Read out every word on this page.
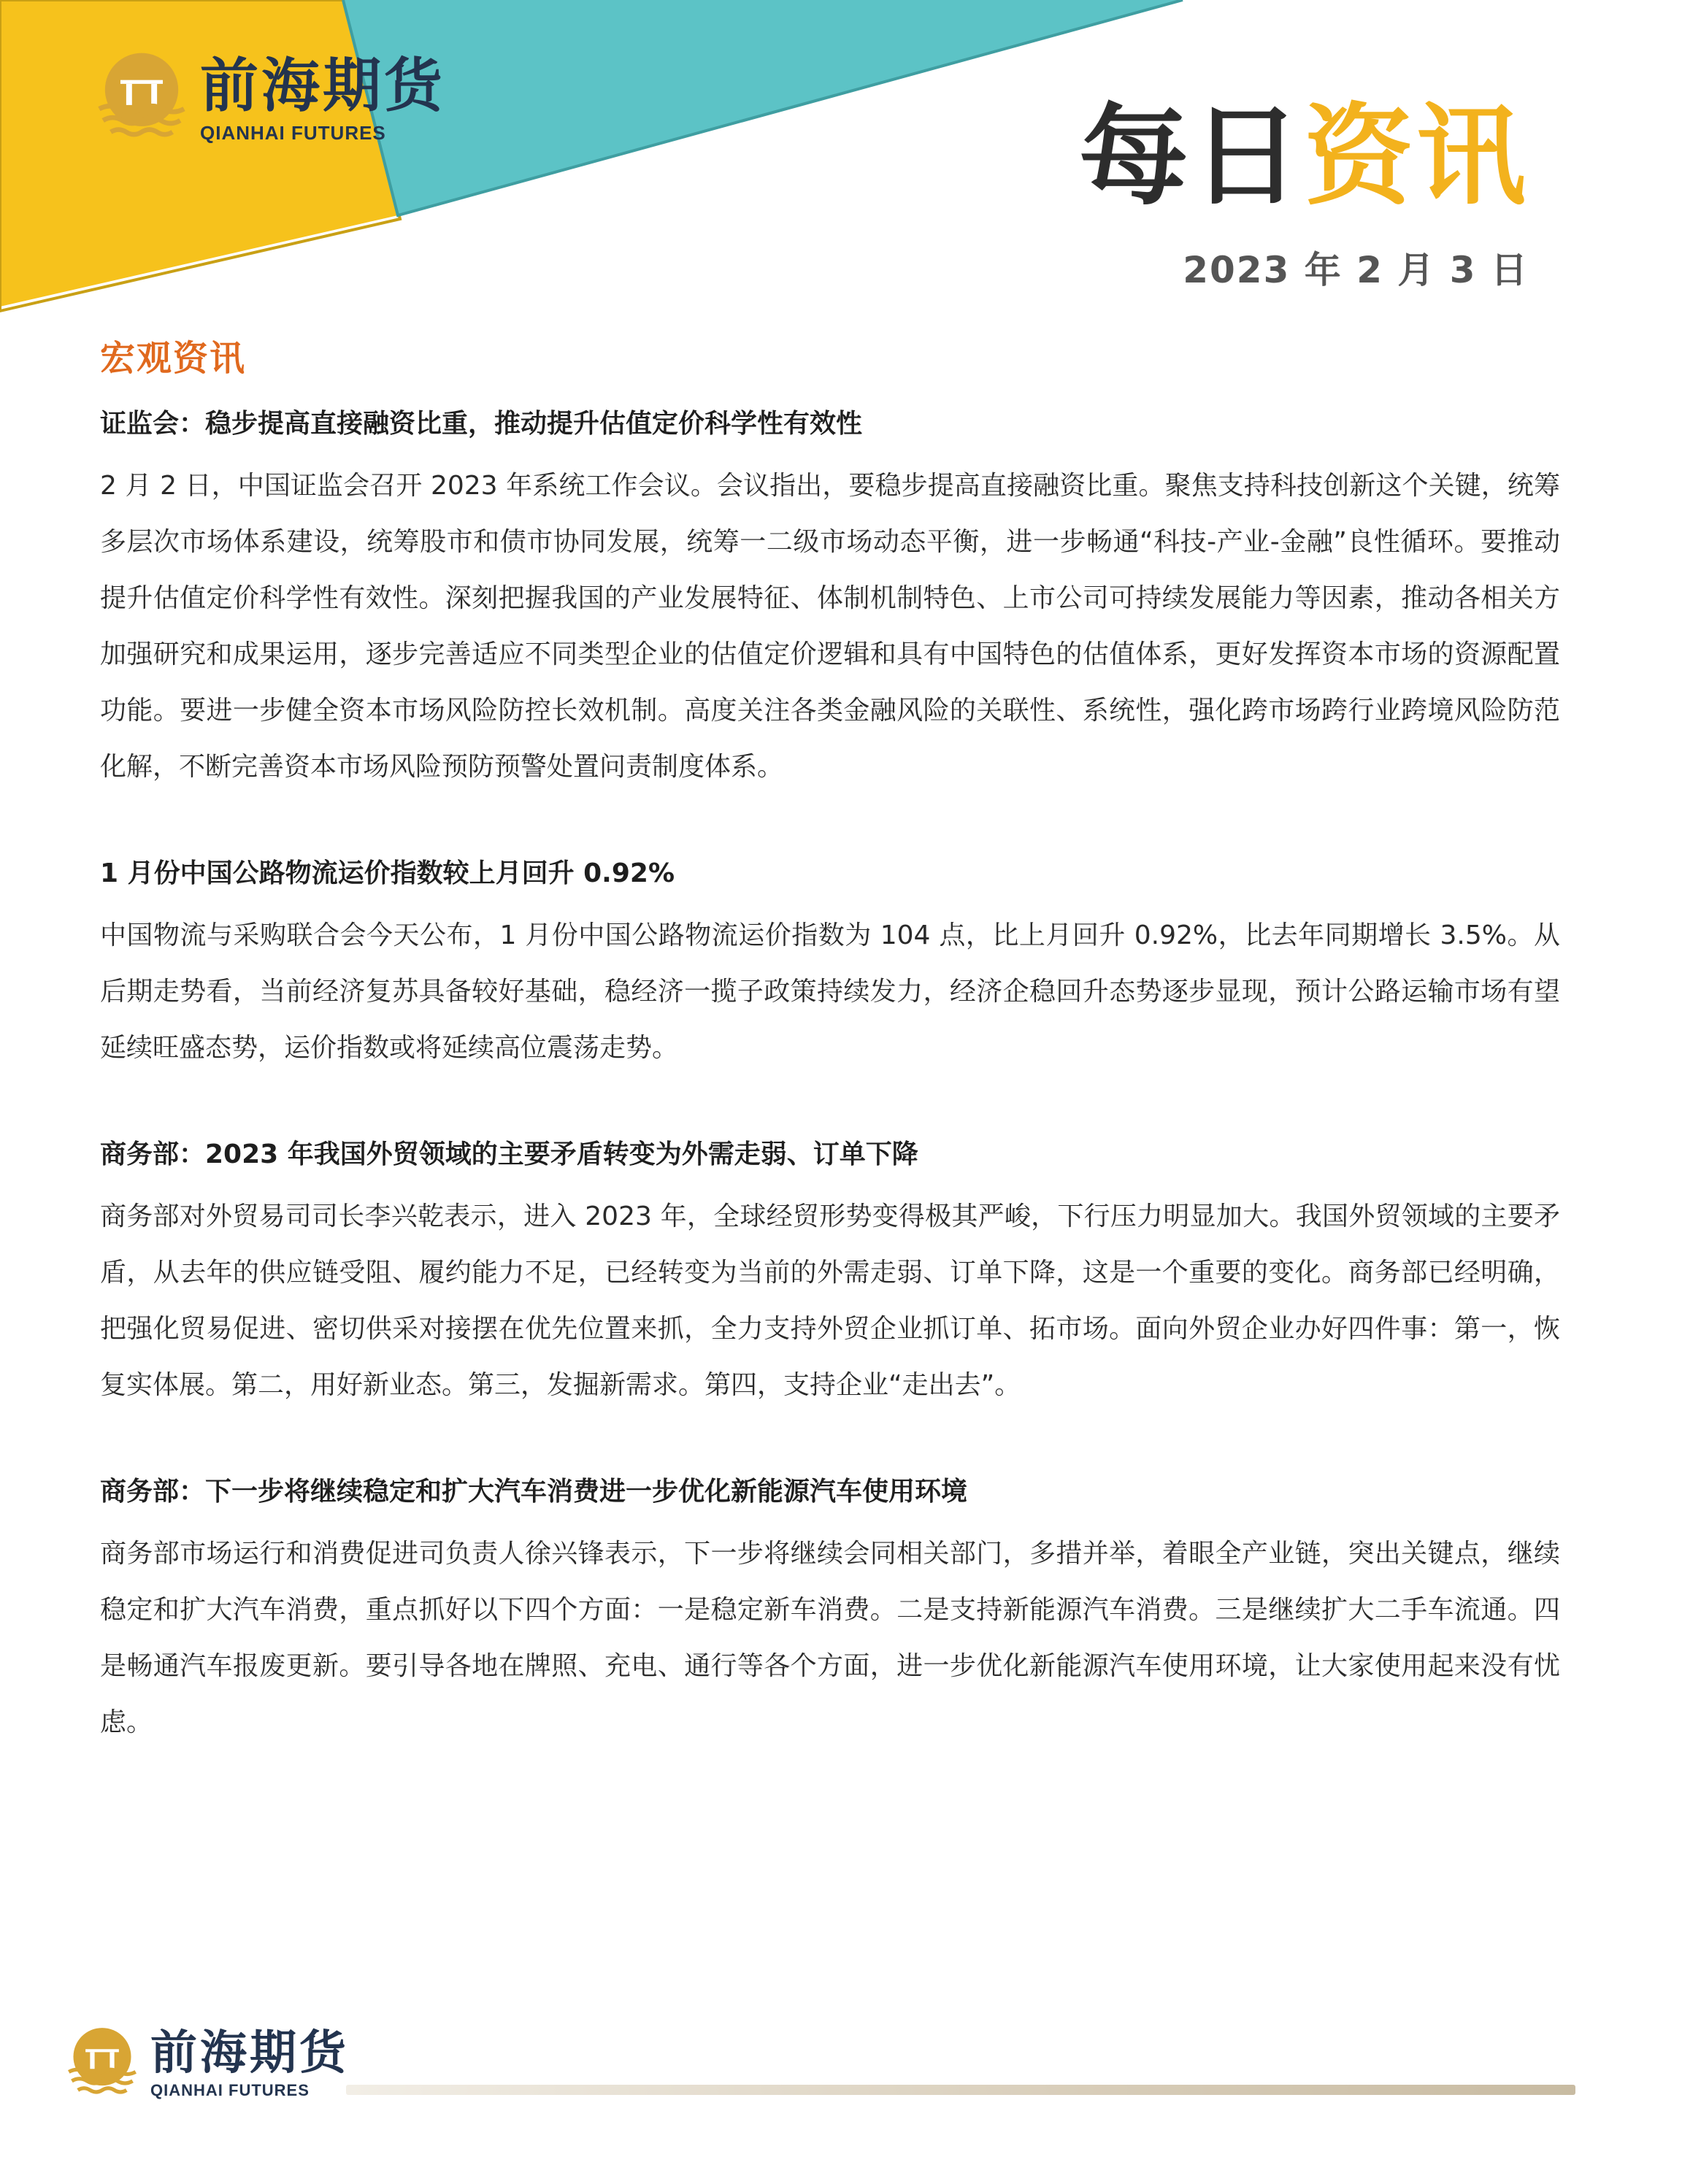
前海期货
QIANHAI FUTURES	每日资讯
2023 年 2 月 3 日
宏观资讯
证监会：稳步提高直接融资比重，推动提升估值定价科学性有效性

2 月 2 日，中国证监会召开 2023 年系统工作会议。会议指出，要稳步提高直接融资比重。聚焦支持科技创新这个关键，统筹多层次市场体系建设，统筹股市和债市协同发展，统筹一二级市场动态平衡，进一步畅通“科技-产业-金融”良性循环。要推动提升估值定价科学性有效性。深刻把握我国的产业发展特征、体制机制特色、上市公司可持续发展能力等因素，推动各相关方加强研究和成果运用，逐步完善适应不同类型企业的估值定价逻辑和具有中国特色的估值体系，更好发挥资本市场的资源配置功能。要进一步健全资本市场风险防控长效机制。高度关注各类金融风险的关联性、系统性，强化跨市场跨行业跨境风险防范化解，不断完善资本市场风险预防预警处置问责制度体系。

1 月份中国公路物流运价指数较上月回升 0.92%

中国物流与采购联合会今天公布，1 月份中国公路物流运价指数为 104 点，比上月回升 0.92%，比去年同期增长 3.5%。从后期走势看，当前经济复苏具备较好基础，稳经济一揽子政策持续发力，经济企稳回升态势逐步显现，预计公路运输市场有望延续旺盛态势，运价指数或将延续高位震荡走势。

商务部：2023 年我国外贸领域的主要矛盾转变为外需走弱、订单下降

商务部对外贸易司司长李兴乾表示，进入 2023 年，全球经贸形势变得极其严峻，下行压力明显加大。我国外贸领域的主要矛盾，从去年的供应链受阻、履约能力不足，已经转变为当前的外需走弱、订单下降，这是一个重要的变化。商务部已经明确，把强化贸易促进、密切供采对接摆在优先位置来抓，全力支持外贸企业抓订单、拓市场。面向外贸企业办好四件事：第一，恢复实体展。第二，用好新业态。第三，发掘新需求。第四，支持企业“走出去”。

商务部：下一步将继续稳定和扩大汽车消费进一步优化新能源汽车使用环境

商务部市场运行和消费促进司负责人徐兴锋表示，下一步将继续会同相关部门，多措并举，着眼全产业链，突出关键点，继续稳定和扩大汽车消费，重点抓好以下四个方面：一是稳定新车消费。二是支持新能源汽车消费。三是继续扩大二手车流通。四是畅通汽车报废更新。要引导各地在牌照、充电、通行等各个方面，进一步优化新能源汽车使用环境，让大家使用起来没有忧虑。

前海期货
QIANHAI FUTURES
